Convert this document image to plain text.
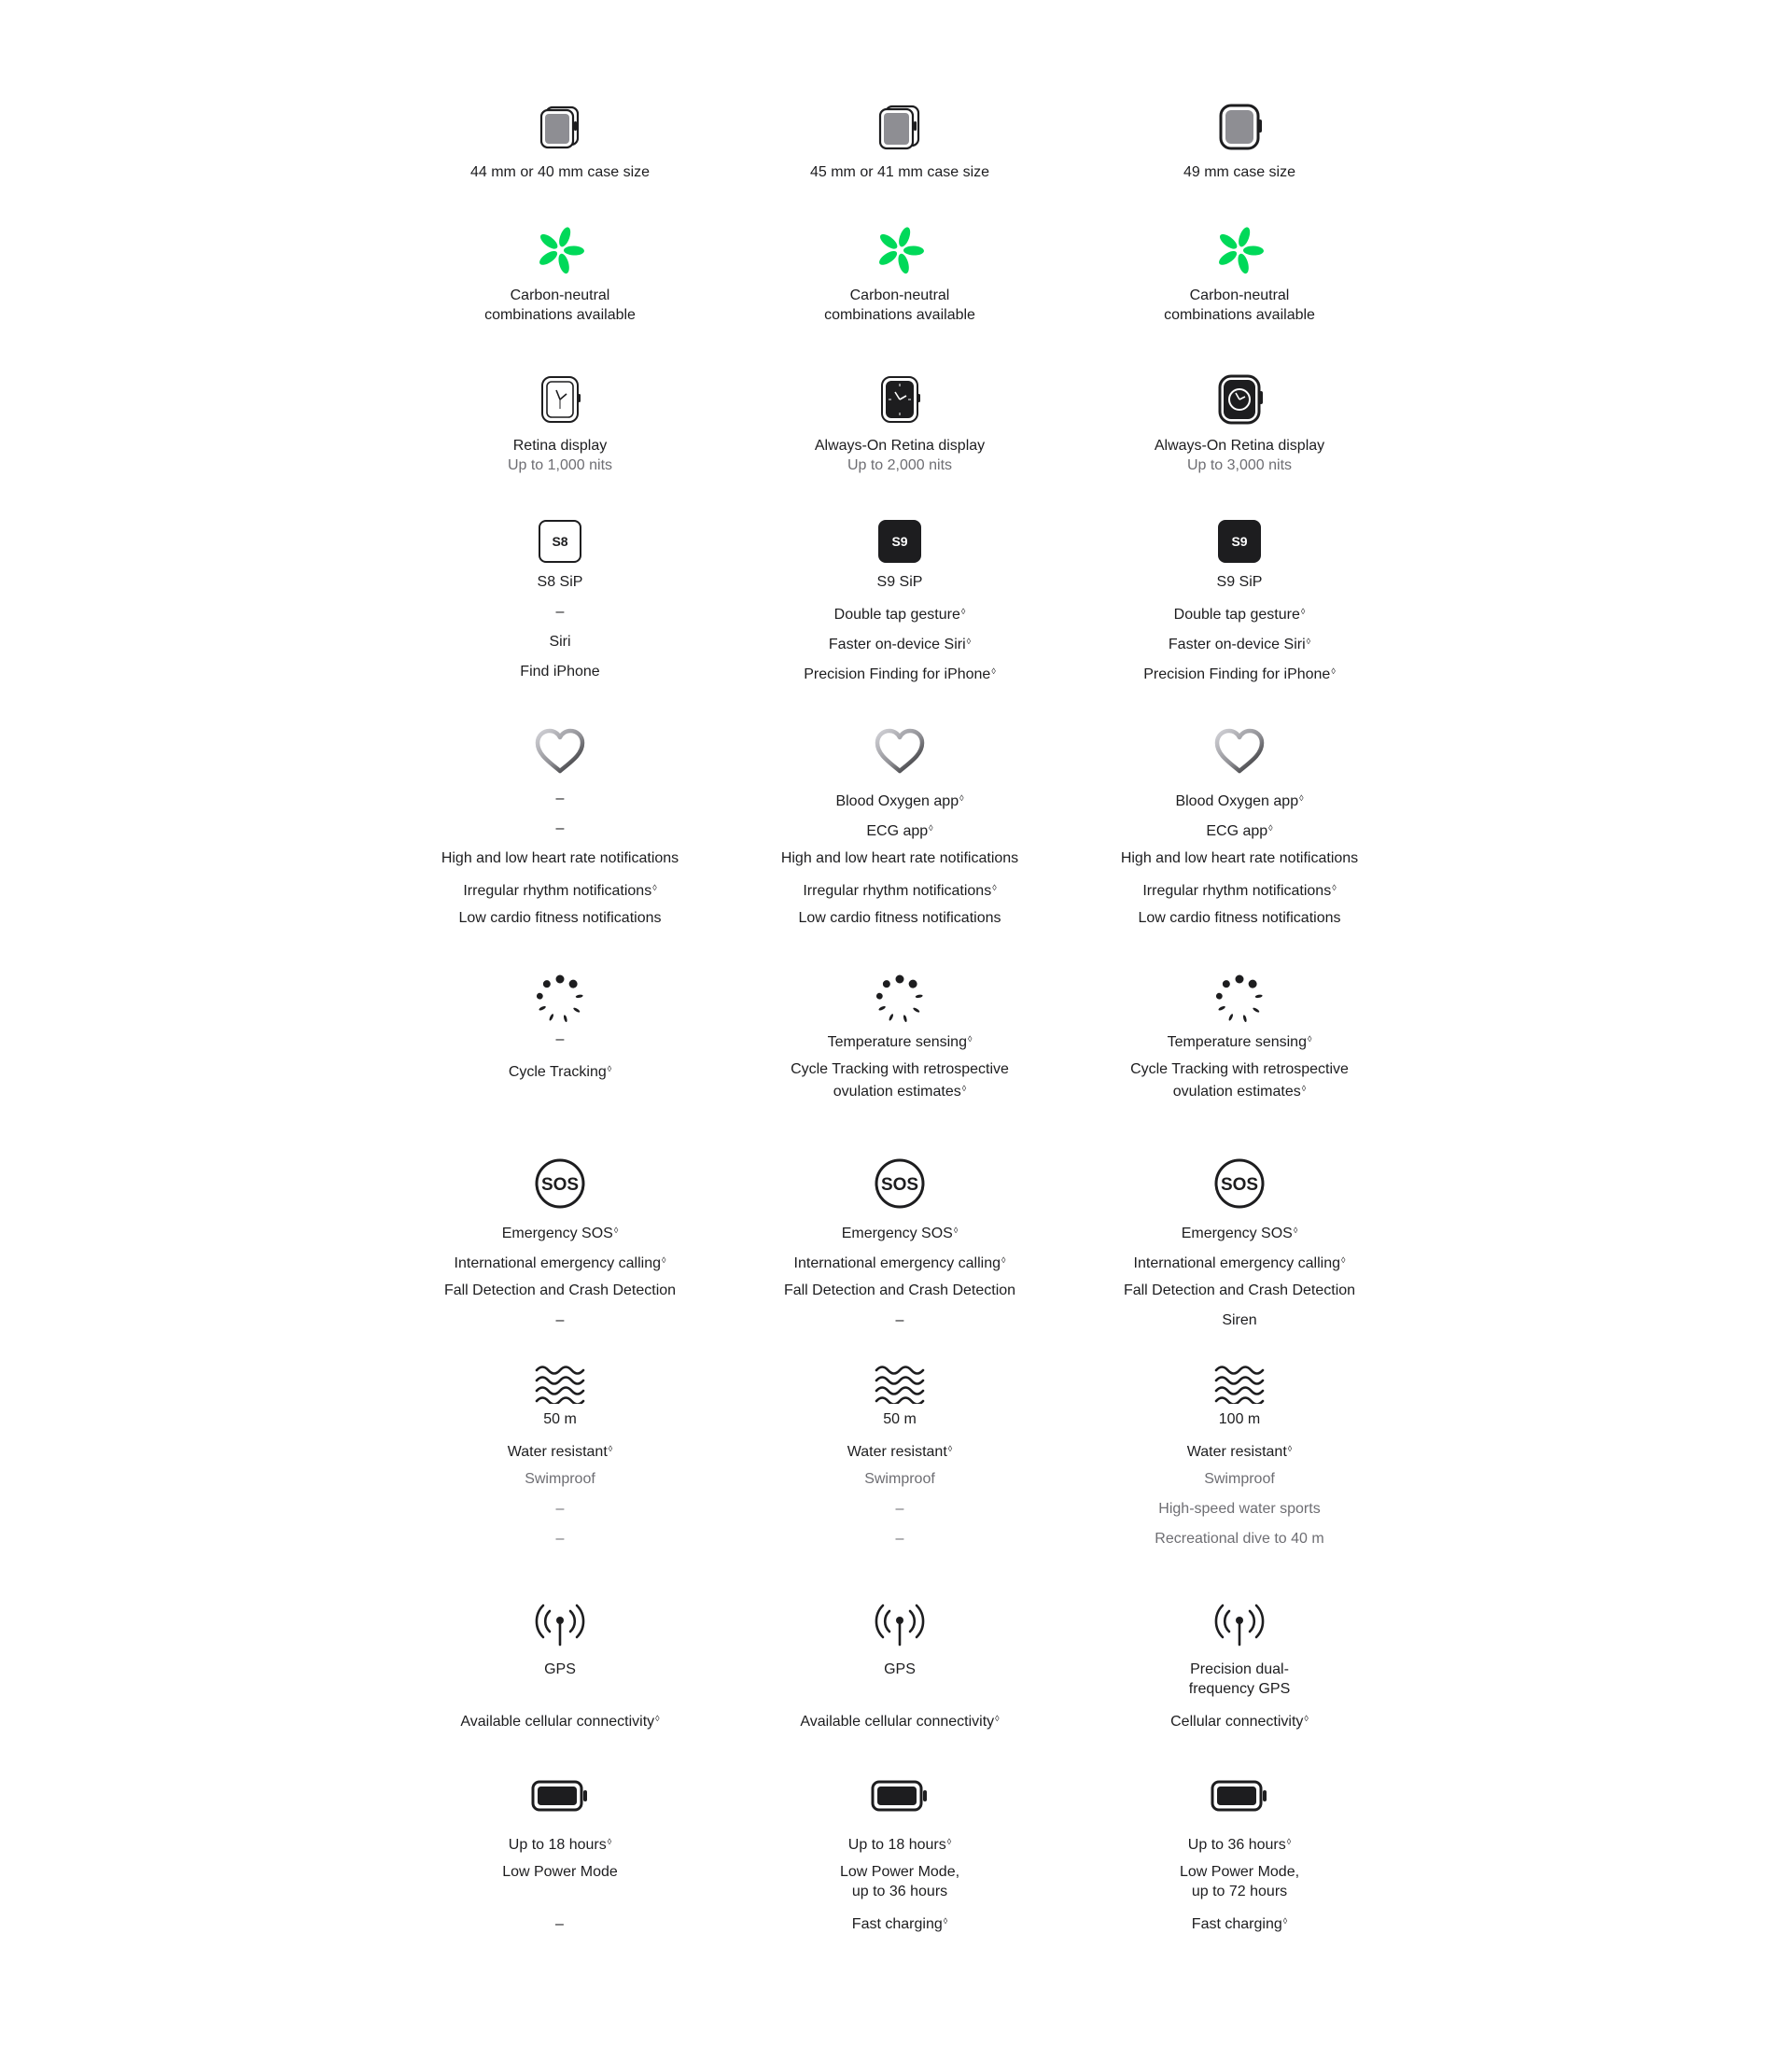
44 mm or 40 mm case size
Carbon-neutral
combinations available
Retina display
Up to 1,000 nits
S8
S8 SiP
–
Siri
Find iPhone
–
–
High and low heart rate notifications
Irregular rhythm notifications◊
Low cardio fitness notifications
–
Cycle Tracking◊
SOS
Emergency SOS◊
International emergency calling◊
Fall Detection and Crash Detection
–
50 m
Water resistant◊
Swimproof
–
–
GPS
Available cellular connectivity◊
Up to 18 hours◊
Low Power Mode
–
45 mm or 41 mm case size
Carbon-neutral
combinations available
Always-On Retina display
Up to 2,000 nits
S9
S9 SiP
Double tap gesture◊
Faster on-device Siri◊
Precision Finding for iPhone◊
Blood Oxygen app◊
ECG app◊
High and low heart rate notifications
Irregular rhythm notifications◊
Low cardio fitness notifications
Temperature sensing◊
Cycle Tracking with retrospective
ovulation estimates◊
SOS
Emergency SOS◊
International emergency calling◊
Fall Detection and Crash Detection
–
50 m
Water resistant◊
Swimproof
–
–
GPS
Available cellular connectivity◊
Up to 18 hours◊
Low Power Mode,
up to 36 hours
Fast charging◊
49 mm case size
Carbon-neutral
combinations available
Always-On Retina display
Up to 3,000 nits
S9
S9 SiP
Double tap gesture◊
Faster on-device Siri◊
Precision Finding for iPhone◊
Blood Oxygen app◊
ECG app◊
High and low heart rate notifications
Irregular rhythm notifications◊
Low cardio fitness notifications
Temperature sensing◊
Cycle Tracking with retrospective
ovulation estimates◊
SOS
Emergency SOS◊
International emergency calling◊
Fall Detection and Crash Detection
Siren
100 m
Water resistant◊
Swimproof
High-speed water sports
Recreational dive to 40 m
Precision dual-
frequency GPS
Cellular connectivity◊
Up to 36 hours◊
Low Power Mode,
up to 72 hours
Fast charging◊
